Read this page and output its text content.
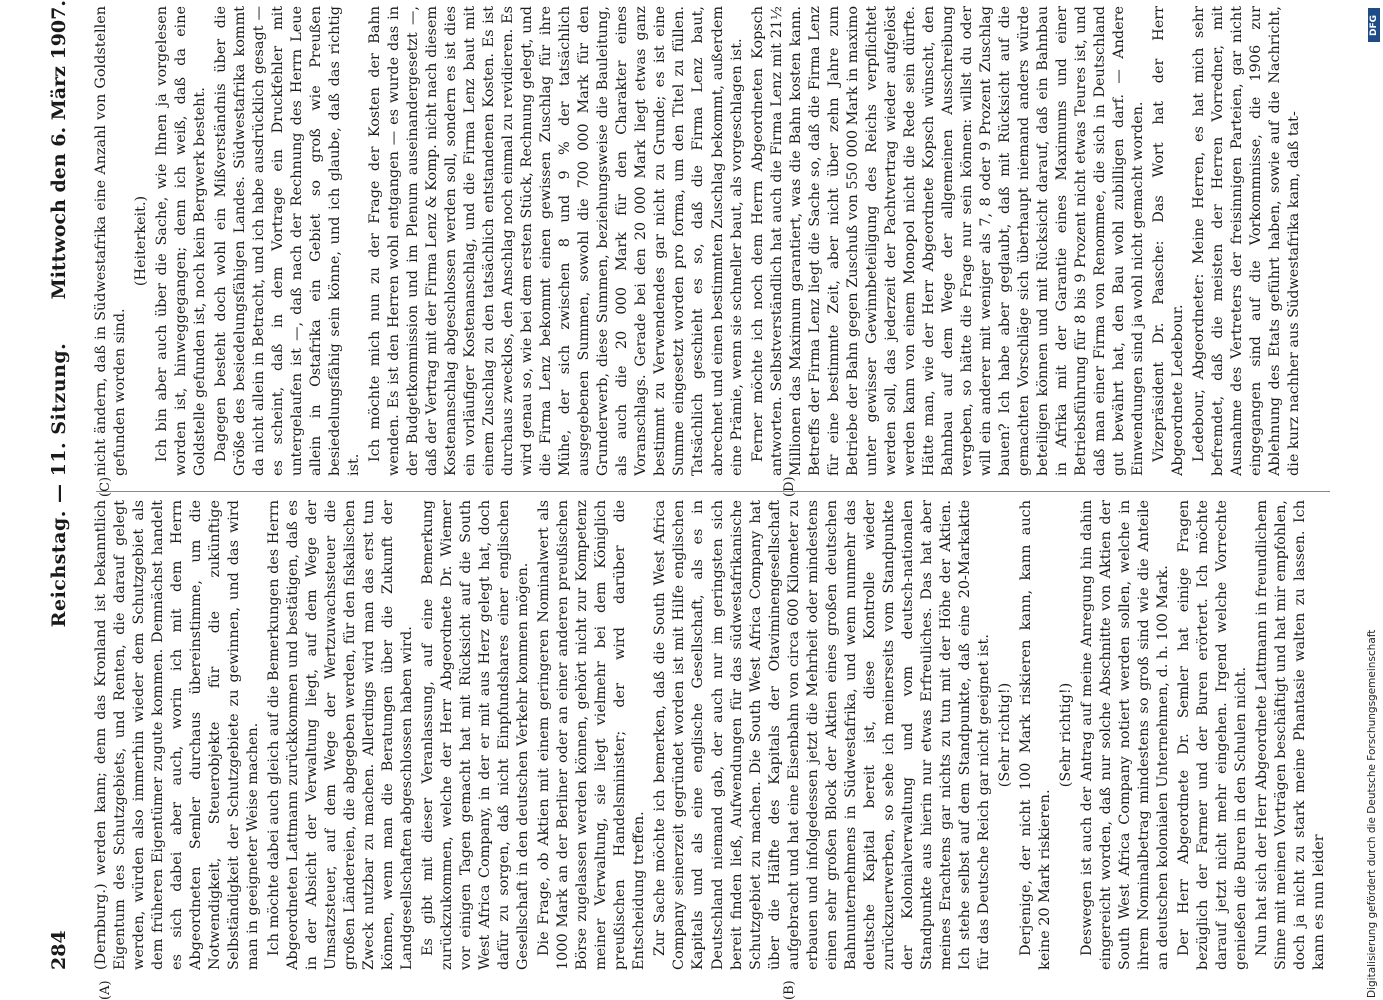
284
Reichstag. — 11. Sitzung.
Mittwoch den 6. März 1907.
(A)	(B)
(C)	(D)

(Dernburg.) werden kann; denn das Kronland ist bekanntlich Eigentum des Schutzgebiets, und Renten, die darauf gelegt werden, würden also immerhin wieder dem Schutzgebiet als dem früheren Eigentümer zugute kommen. Demnächst handelt es sich dabei aber auch, worin ich mit dem Herrn Abgeordneten Semler durchaus übereinstimme, um die Notwendigkeit, Steuerobjekte für die zukünftige Selbständigkeit der Schutzgebiete zu gewinnen, und das wird man in geeigneter Weise machen. Ich möchte dabei auch gleich auf die Bemerkungen des Herrn Abgeordneten Lattmann zurückkommen und bestätigen, daß es in der Absicht der Verwaltung liegt, auf dem Wege der Umsatzsteuer, auf dem Wege der Wertzuwachssteuer die großen Ländereien, die abgegeben werden, für den fiskalischen Zweck nutzbar zu machen. Allerdings wird man das erst tun können, wenn man die Beratungen über die Zukunft der Landgesellschaften abgeschlossen haben wird. Es gibt mit dieser Veranlassung, auf eine Bemerkung zurückzukommen, welche der Herr Abgeordnete Dr. Wiemer vor einigen Tagen gemacht hat mit Rücksicht auf die South West Africa Company, in der er mit aus Herz gelegt hat, doch dafür zu sorgen, daß nicht Einpfundshares einer englischen Gesellschaft in den deutschen Verkehr kommen mögen. Die Frage, ob Aktien mit einem geringeren Nominalwert als 1000 Mark an der Berliner oder an einer anderen preußischen Börse zugelassen werden können, gehört nicht zur Kompetenz meiner Verwaltung, sie liegt vielmehr bei dem Königlich preußischen Handelsminister; der wird darüber die Entscheidung treffen. Zur Sache möchte ich bemerken, daß die South West Africa Company seinerzeit gegründet worden ist mit Hilfe englischen Kapitals und als eine englische Gesellschaft, als es in Deutschland niemand gab, der auch nur im geringsten sich bereit finden ließ, Aufwendungen für das südwestafrikanische Schutzgebiet zu machen. Die South West Africa Company hat über die Hälfte des Kapitals der Otaviminengesellschaft aufgebracht und hat eine Eisenbahn von circa 600 Kilometer zu erbauen und infolgedessen jetzt die Mehrheit oder mindestens einen sehr großen Block der Aktien eines großen deutschen Bahnunternehmens in Südwestafrika, und wenn nunmehr das deutsche Kapital bereit ist, diese Kontrolle wieder zurückzuerwerben, so sehe ich meinerseits vom Standpunkte der Kolonialverwaltung und vom deutsch-nationalen Standpunkte aus hierin nur etwas Erfreuliches. Das hat aber meines Erachtens gar nichts zu tun mit der Höhe der Aktien. Ich stehe selbst auf dem Standpunkte, daß eine 20-Markaktie für das Deutsche Reich gar nicht geeignet ist. (Sehr richtig!) Derjenige, der nicht 100 Mark riskieren kann, kann auch keine 20 Mark riskieren.

(Sehr richtig!) Deswegen ist auch der Antrag auf meine Anregung hin dahin eingereicht worden, daß nur solche Abschnitte von Aktien der South West Africa Company notiert werden sollen, welche in ihrem Nominalbetrag mindestens so groß sind wie die Anteile an deutschen kolonialen Unternehmen, d. h. 100 Mark. Der Herr Abgeordnete Dr. Semler hat einige Fragen bezüglich der Farmer und der Buren erörtert. Ich möchte darauf jetzt nicht mehr eingehen. Irgend welche Vorrechte genießen die Buren in den Schulen nicht. Nun hat sich der Herr Abgeordnete Lattmann in freundlichem Sinne mit meinen Vorträgen beschäftigt und hat mir empfohlen, doch ja nicht zu stark meine Phantasie walten zu lassen. Ich kann es nun leider

nicht ändern, daß in Südwestafrika eine Anzahl von Goldstellen gefunden worden sind.

(Heiterkeit.) Ich bin aber auch über die Sache, wie Ihnen ja vorgelesen worden ist, hinweggegangen; denn ich weiß, daß da eine Goldstelle gefunden ist, noch kein Bergwerk besteht. Dagegen besteht doch wohl ein Mißverständnis über die Größe des besiedelungsfähigen Landes. Südwestafrika kommt da nicht allein in Betracht, und ich habe ausdrücklich gesagt — es scheint, daß in dem Vortrage ein Druckfehler mit untergelaufen ist —, daß nach der Rechnung des Herrn Leue allein in Ostafrika ein Gebiet so groß wie Preußen besiedelungsfähig sein könne, und ich glaube, daß das richtig ist.

Ich möchte mich nun zu der Frage der Kosten der Bahn wenden. Es ist den Herren wohl entgangen — es wurde das in der Budgetkommission und im Plenum auseinandergesetzt —, daß der Vertrag mit der Firma Lenz & Komp. nicht nach diesem Kostenanschlag abgeschlossen werden soll, sondern es ist dies ein vorläufiger Kostenanschlag, und die Firma Lenz baut mit einem Zuschlag zu den tatsächlich entstandenen Kosten. Es ist durchaus zwecklos, den Anschlag noch einmal zu revidieren. Es wird genau so, wie bei dem ersten Stück, Rechnung gelegt, und die Firma Lenz bekommt einen gewissen Zuschlag für ihre Mühe, der sich zwischen 8 und 9 % der tatsächlich ausgegebenen Summen, sowohl die 700 000 Mark für den Grunderwerb, diese Summen, beziehungsweise die Bauleitung, als auch die 20 000 Mark für den Charakter eines Voranschlags. Gerade bei den 20 000 Mark liegt etwas ganz bestimmt zu Verwendendes gar nicht zu Grunde; es ist eine Summe eingesetzt worden pro forma, um den Titel zu füllen. Tatsächlich geschieht es so, daß die Firma Lenz baut, abrechnet und einen bestimmten Zuschlag bekommt, außerdem eine Prämie, wenn sie schneller baut, als vorgeschlagen ist. Ferner möchte ich noch dem Herrn Abgeordneten Kopsch antworten. Selbstverständlich hat auch die Firma Lenz mit 21½ Millionen das Maximum garantiert, was die Bahn kosten kann. Betreffs der Firma Lenz liegt die Sache so, daß die Firma Lenz für eine bestimmte Zeit, aber nicht über zehn Jahre zum Betriebe der Bahn gegen Zuschuß von 550 000 Mark in maximo unter gewisser Gewinnbeteiligung des Reichs verpflichtet werden soll, das jederzeit der Pachtvertrag wieder aufgelöst werden kann von einem Monopol nicht die Rede sein dürfte. Hätte man, wie der Herr Abgeordnete Kopsch wünscht, den Bahnbau auf dem Wege der allgemeinen Ausschreibung vergeben, so hätte die Frage nur sein können: willst du oder will ein anderer mit weniger als 7, 8 oder 9 Prozent Zuschlag bauen? Ich habe aber geglaubt, daß mit Rücksicht auf die gemachten Vorschläge sich überhaupt niemand anders würde beteiligen können und mit Rücksicht darauf, daß ein Bahnbau in Afrika mit der Garantie eines Maximums und einer Betriebsführung für 8 bis 9 Prozent nicht etwas Teures ist, und daß man einer Firma von Renommee, die sich in Deutschland gut bewährt hat, den Bau wohl zubilligen darf. — Andere Einwendungen sind ja wohl nicht gemacht worden. Vizepräsident Dr. Paasche: Das Wort hat der Herr Abgeordnete Ledebour. Ledebour, Abgeordneter: Meine Herren, es hat mich sehr befremdet, daß die meisten der Herren Vorredner, mit Ausnahme des Vertreters der freisinnigen Parteien, gar nicht eingegangen sind auf die Vorkommnisse, die 1906 zur Ablehnung des Etats geführt haben, sowie auf die Nachricht, die kurz nachher aus Südwestafrika kam, daß tat-

DFG
Digitalisierung gefördert durch die Deutsche Forschungsgemeinschaft
